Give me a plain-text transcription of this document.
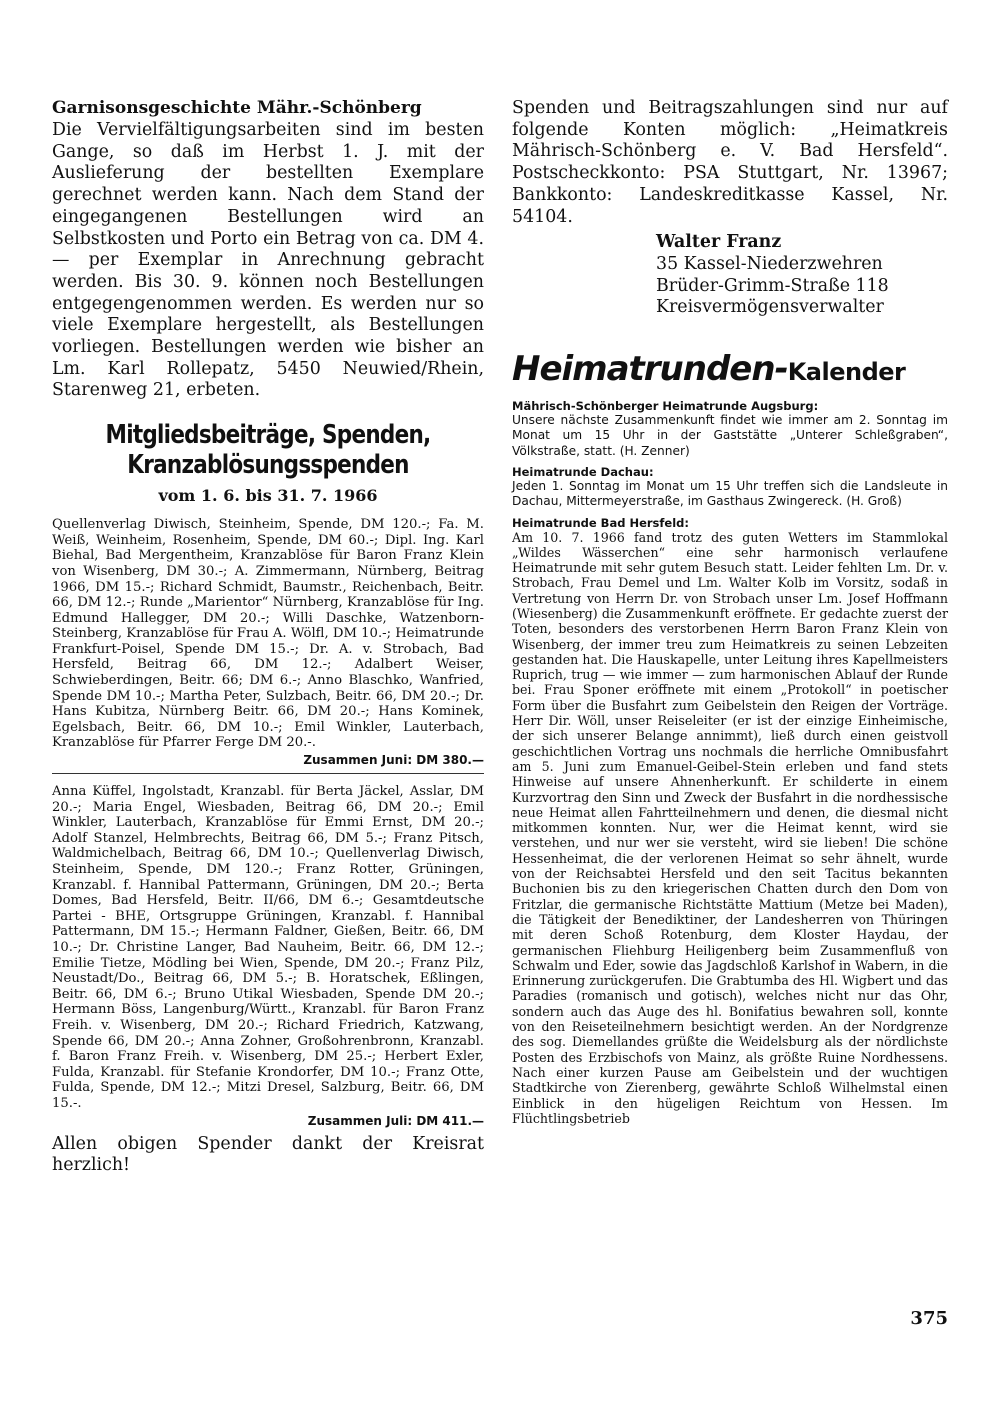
Garnisonsgeschichte Mähr.-Schönberg

Die Vervielfältigungsarbeiten sind im besten Gange, so daß im Herbst 1. J. mit der Auslieferung der bestellten Exemplare gerechnet werden kann. Nach dem Stand der eingegangenen Bestellungen wird an Selbstkosten und Porto ein Betrag von ca. DM 4.— per Exemplar in Anrechnung gebracht werden. Bis 30. 9. können noch Bestellungen entgegengenommen werden. Es werden nur so viele Exemplare hergestellt, als Bestellungen vorliegen. Bestellungen werden wie bisher an Lm. Karl Rollepatz, 5450 Neuwied/Rhein, Starenweg 21, erbeten.

Mitgliedsbeiträge, Spenden,
Kranzablösungsspenden
vom 1. 6. bis 31. 7. 1966

Quellenverlag Diwisch, Steinheim, Spende, DM 120.-; Fa. M. Weiß, Weinheim, Rosenheim, Spende, DM 60.-; Dipl. Ing. Karl Biehal, Bad Mergentheim, Kranzablöse für Baron Franz Klein von Wisenberg, DM 30.-; A. Zimmermann, Nürnberg, Beitrag 1966, DM 15.-; Richard Schmidt, Baumstr., Reichenbach, Beitr. 66, DM 12.-; Runde „Marientor“ Nürnberg, Kranzablöse für Ing. Edmund Hallegger, DM 20.-; Willi Daschke, Watzenborn-Steinberg, Kranzablöse für Frau A. Wölfl, DM 10.-; Heimatrunde Frankfurt-Poisel, Spende DM 15.-; Dr. A. v. Strobach, Bad Hersfeld, Beitrag 66, DM 12.-; Adalbert Weiser, Schwieberdingen, Beitr. 66; DM 6.-; Anno Blaschko, Wanfried, Spende DM 10.-; Martha Peter, Sulzbach, Beitr. 66, DM 20.-; Dr. Hans Kubitza, Nürnberg Beitr. 66, DM 20.-; Hans Kominek, Egelsbach, Beitr. 66, DM 10.-; Emil Winkler, Lauterbach, Kranzablöse für Pfarrer Ferge DM 20.-.

Zusammen Juni: DM 380.—

Anna Küffel, Ingolstadt, Kranzabl. für Berta Jäckel, Asslar, DM 20.-; Maria Engel, Wiesbaden, Beitrag 66, DM 20.-; Emil Winkler, Lauterbach, Kranzablöse für Emmi Ernst, DM 20.-; Adolf Stanzel, Helmbrechts, Beitrag 66, DM 5.-; Franz Pitsch, Waldmichelbach, Beitrag 66, DM 10.-; Quellenverlag Diwisch, Steinheim, Spende, DM 120.-; Franz Rotter, Grüningen, Kranzabl. f. Hannibal Pattermann, Grüningen, DM 20.-; Berta Domes, Bad Hersfeld, Beitr. II/66, DM 6.-; Gesamtdeutsche Partei - BHE, Ortsgruppe Grüningen, Kranzabl. f. Hannibal Pattermann, DM 15.-; Hermann Faldner, Gießen, Beitr. 66, DM 10.-; Dr. Christine Langer, Bad Nauheim, Beitr. 66, DM 12.-; Emilie Tietze, Mödling bei Wien, Spende, DM 20.-; Franz Pilz, Neustadt/Do., Beitrag 66, DM 5.-; B. Horatschek, Eßlingen, Beitr. 66, DM 6.-; Bruno Utikal Wiesbaden, Spende DM 20.-; Hermann Böss, Langenburg/Württ., Kranzabl. für Baron Franz Freih. v. Wisenberg, DM 20.-; Richard Friedrich, Katzwang, Spende 66, DM 20.-; Anna Zohner, Großohrenbronn, Kranzabl. f. Baron Franz Freih. v. Wisenberg, DM 25.-; Herbert Exler, Fulda, Kranzabl. für Stefanie Krondorfer, DM 10.-; Franz Otte, Fulda, Spende, DM 12.-; Mitzi Dresel, Salzburg, Beitr. 66, DM 15.-.

Zusammen Juli: DM 411.—

Allen obigen Spender dankt der Kreisrat herzlich!

Spenden und Beitragszahlungen sind nur auf folgende Konten möglich: „Heimatkreis Mährisch-Schönberg e. V. Bad Hersfeld“. Postscheckkonto: PSA Stuttgart, Nr. 13967; Bankkonto: Landeskreditkasse Kassel, Nr. 54104.

Walter Franz
35 Kassel-Niederzwehren
Brüder-Grimm-Straße 118
Kreisvermögensverwalter
Heimatrunden-Kalender
Mährisch-Schönberger Heimatrunde Augsburg:

Unsere nächste Zusammenkunft findet wie immer am 2. Sonntag im Monat um 15 Uhr in der Gaststätte „Unterer Schleßgraben“, Völkstraße, statt. (H. Zenner)

Heimatrunde Dachau:

Jeden 1. Sonntag im Monat um 15 Uhr treffen sich die Landsleute in Dachau, Mittermeyerstraße, im Gasthaus Zwingereck. (H. Groß)

Heimatrunde Bad Hersfeld:

Am 10. 7. 1966 fand trotz des guten Wetters im Stammlokal „Wildes Wässerchen“ eine sehr harmonisch verlaufene Heimatrunde mit sehr gutem Besuch statt. Leider fehlten Lm. Dr. v. Strobach, Frau Demel und Lm. Walter Kolb im Vorsitz, sodaß in Vertretung von Herrn Dr. von Strobach unser Lm. Josef Hoffmann (Wiesenberg) die Zusammenkunft eröffnete. Er gedachte zuerst der Toten, besonders des verstorbenen Herrn Baron Franz Klein von Wisenberg, der immer treu zum Heimatkreis zu seinen Lebzeiten gestanden hat. Die Hauskapelle, unter Leitung ihres Kapellmeisters Ruprich, trug — wie immer — zum harmonischen Ablauf der Runde bei. Frau Sponer eröffnete mit einem „Protokoll“ in poetischer Form über die Busfahrt zum Geibelstein den Reigen der Vorträge. Herr Dir. Wöll, unser Reiseleiter (er ist der einzige Einheimische, der sich unserer Belange annimmt), ließ durch einen geistvoll geschichtlichen Vortrag uns nochmals die herrliche Omnibusfahrt am 5. Juni zum Emanuel-Geibel-Stein erleben und fand stets Hinweise auf unsere Ahnenherkunft. Er schilderte in einem Kurzvortrag den Sinn und Zweck der Busfahrt in die nordhessische neue Heimat allen Fahrtteilnehmern und denen, die diesmal nicht mitkommen konnten. Nur, wer die Heimat kennt, wird sie verstehen, und nur wer sie versteht, wird sie lieben! Die schöne Hessenheimat, die der verlorenen Heimat so sehr ähnelt, wurde von der Reichsabtei Hersfeld und den seit Tacitus bekannten Buchonien bis zu den kriegerischen Chatten durch den Dom von Fritzlar, die germanische Richtstätte Mattium (Metze bei Maden), die Tätigkeit der Benediktiner, der Landesherren von Thüringen mit deren Schoß Rotenburg, dem Kloster Haydau, der germanischen Fliehburg Heiligenberg beim Zusammenfluß von Schwalm und Eder, sowie das Jagdschloß Karlshof in Wabern, in die Erinnerung zurückgerufen. Die Grabtumba des Hl. Wigbert und das Paradies (romanisch und gotisch), welches nicht nur das Ohr, sondern auch das Auge des hl. Bonifatius bewahren soll, konnte von den Reiseteilnehmern besichtigt werden. An der Nordgrenze des sog. Diemellandes grüßte die Weidelsburg als der nördlichste Posten des Erzbischofs von Mainz, als größte Ruine Nordhessens. Nach einer kurzen Pause am Geibelstein und der wuchtigen Stadtkirche von Zierenberg, gewährte Schloß Wilhelmstal einen Einblick in den hügeligen Reichtum von Hessen. Im Flüchtlingsbetrieb

375
